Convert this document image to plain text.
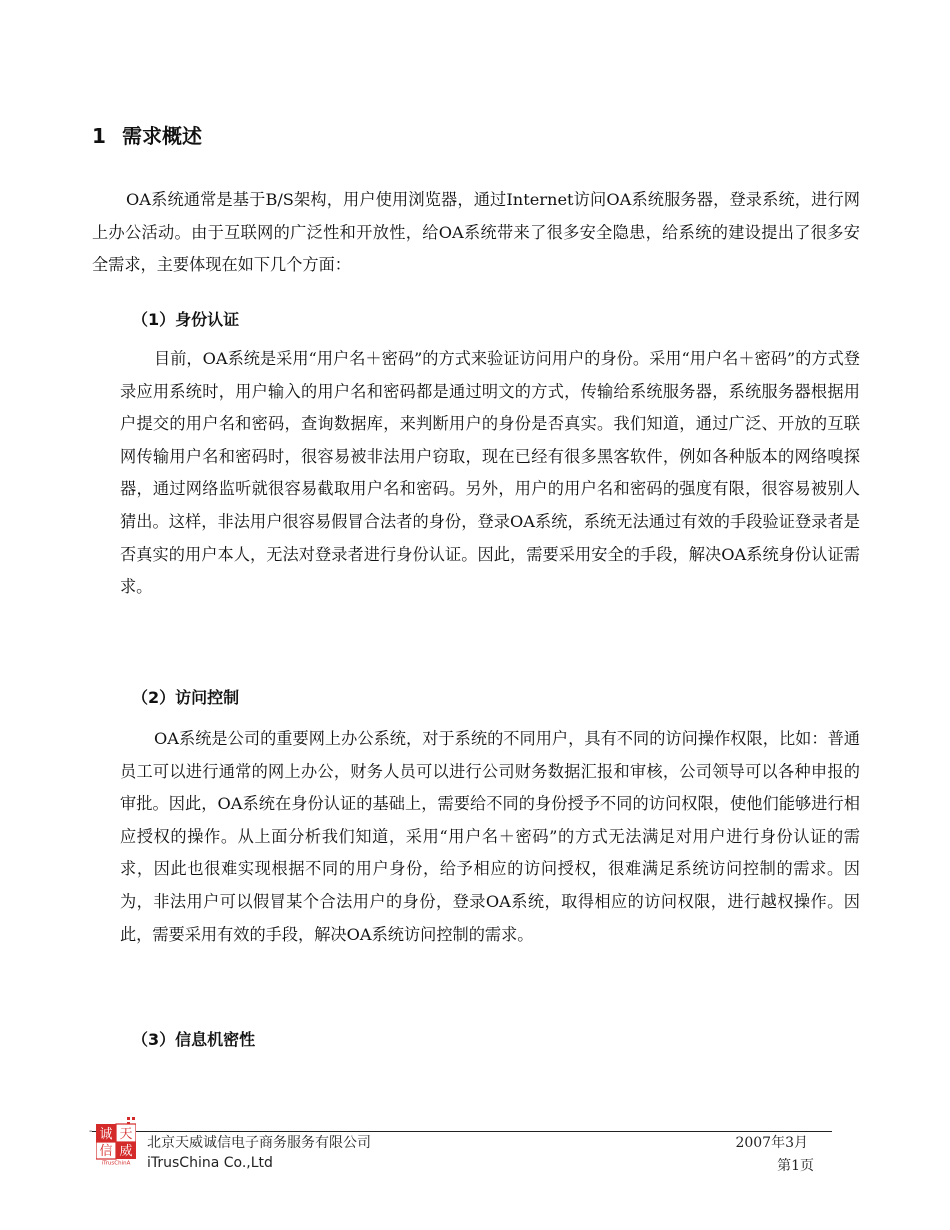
1 需求概述
OA系统通常是基于B/S架构，用户使用浏览器，通过Internet访问OA系统服务器，登录系统，进行网上办公活动。由于互联网的广泛性和开放性，给OA系统带来了很多安全隐患，给系统的建设提出了很多安全需求，主要体现在如下几个方面：
（1）身份认证
目前，OA系统是采用“用户名＋密码”的方式来验证访问用户的身份。采用“用户名＋密码”的方式登录应用系统时，用户输入的用户名和密码都是通过明文的方式，传输给系统服务器，系统服务器根据用户提交的用户名和密码，查询数据库，来判断用户的身份是否真实。我们知道，通过广泛、开放的互联网传输用户名和密码时，很容易被非法用户窃取，现在已经有很多黑客软件，例如各种版本的网络嗅探器，通过网络监听就很容易截取用户名和密码。另外，用户的用户名和密码的强度有限，很容易被别人猜出。这样，非法用户很容易假冒合法者的身份，登录OA系统，系统无法通过有效的手段验证登录者是否真实的用户本人，无法对登录者进行身份认证。因此，需要采用安全的手段，解决OA系统身份认证需求。
（2）访问控制
OA系统是公司的重要网上办公系统，对于系统的不同用户，具有不同的访问操作权限，比如：普通员工可以进行通常的网上办公，财务人员可以进行公司财务数据汇报和审核，公司领导可以各种申报的审批。因此，OA系统在身份认证的基础上，需要给不同的身份授予不同的访问权限，使他们能够进行相应授权的操作。从上面分析我们知道，采用“用户名＋密码”的方式无法满足对用户进行身份认证的需求，因此也很难实现根据不同的用户身份，给予相应的访问授权，很难满足系统访问控制的需求。因为，非法用户可以假冒某个合法用户的身份，登录OA系统，取得相应的访问权限，进行越权操作。因此，需要采用有效的手段，解决OA系统访问控制的需求。
（3）信息机密性
- 诚 天
信 威
iTrusChinA
北京天威诚信电子商务服务有限公司
iTrusChina Co.,Ltd
2007年3月
第1页
